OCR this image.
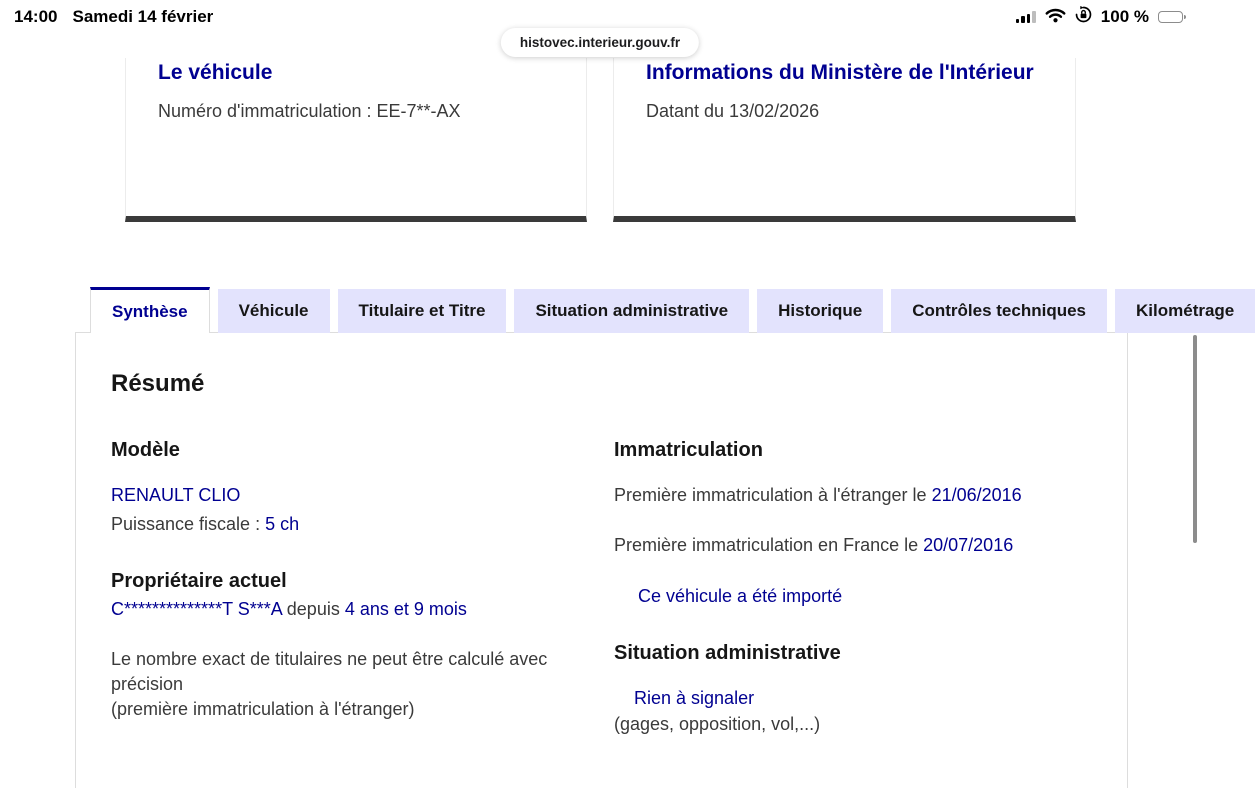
14:00 Samedi 14 février	100 %
histovec.interieur.gouv.fr

Le véhicule

Numéro d'immatriculation : EE-7**-AX

Informations du Ministère de l'Intérieur

Datant du 13/02/2026
Synthèse	Véhicule	Titulaire et Titre	Situation administrative	Historique	Contrôles techniques	Kilométrage
Résumé
Modèle
RENAULT CLIO
Puissance fiscale : 5 ch
Propriétaire actuel
C**************T S***A depuis 4 ans et 9 mois
Le nombre exact de titulaires ne peut être calculé avec précision
(première immatriculation à l'étranger)
Immatriculation
Première immatriculation à l'étranger le 21/06/2016
Première immatriculation en France le 20/07/2016
Ce véhicule a été importé
Situation administrative
Rien à signaler
(gages, opposition, vol,...)
